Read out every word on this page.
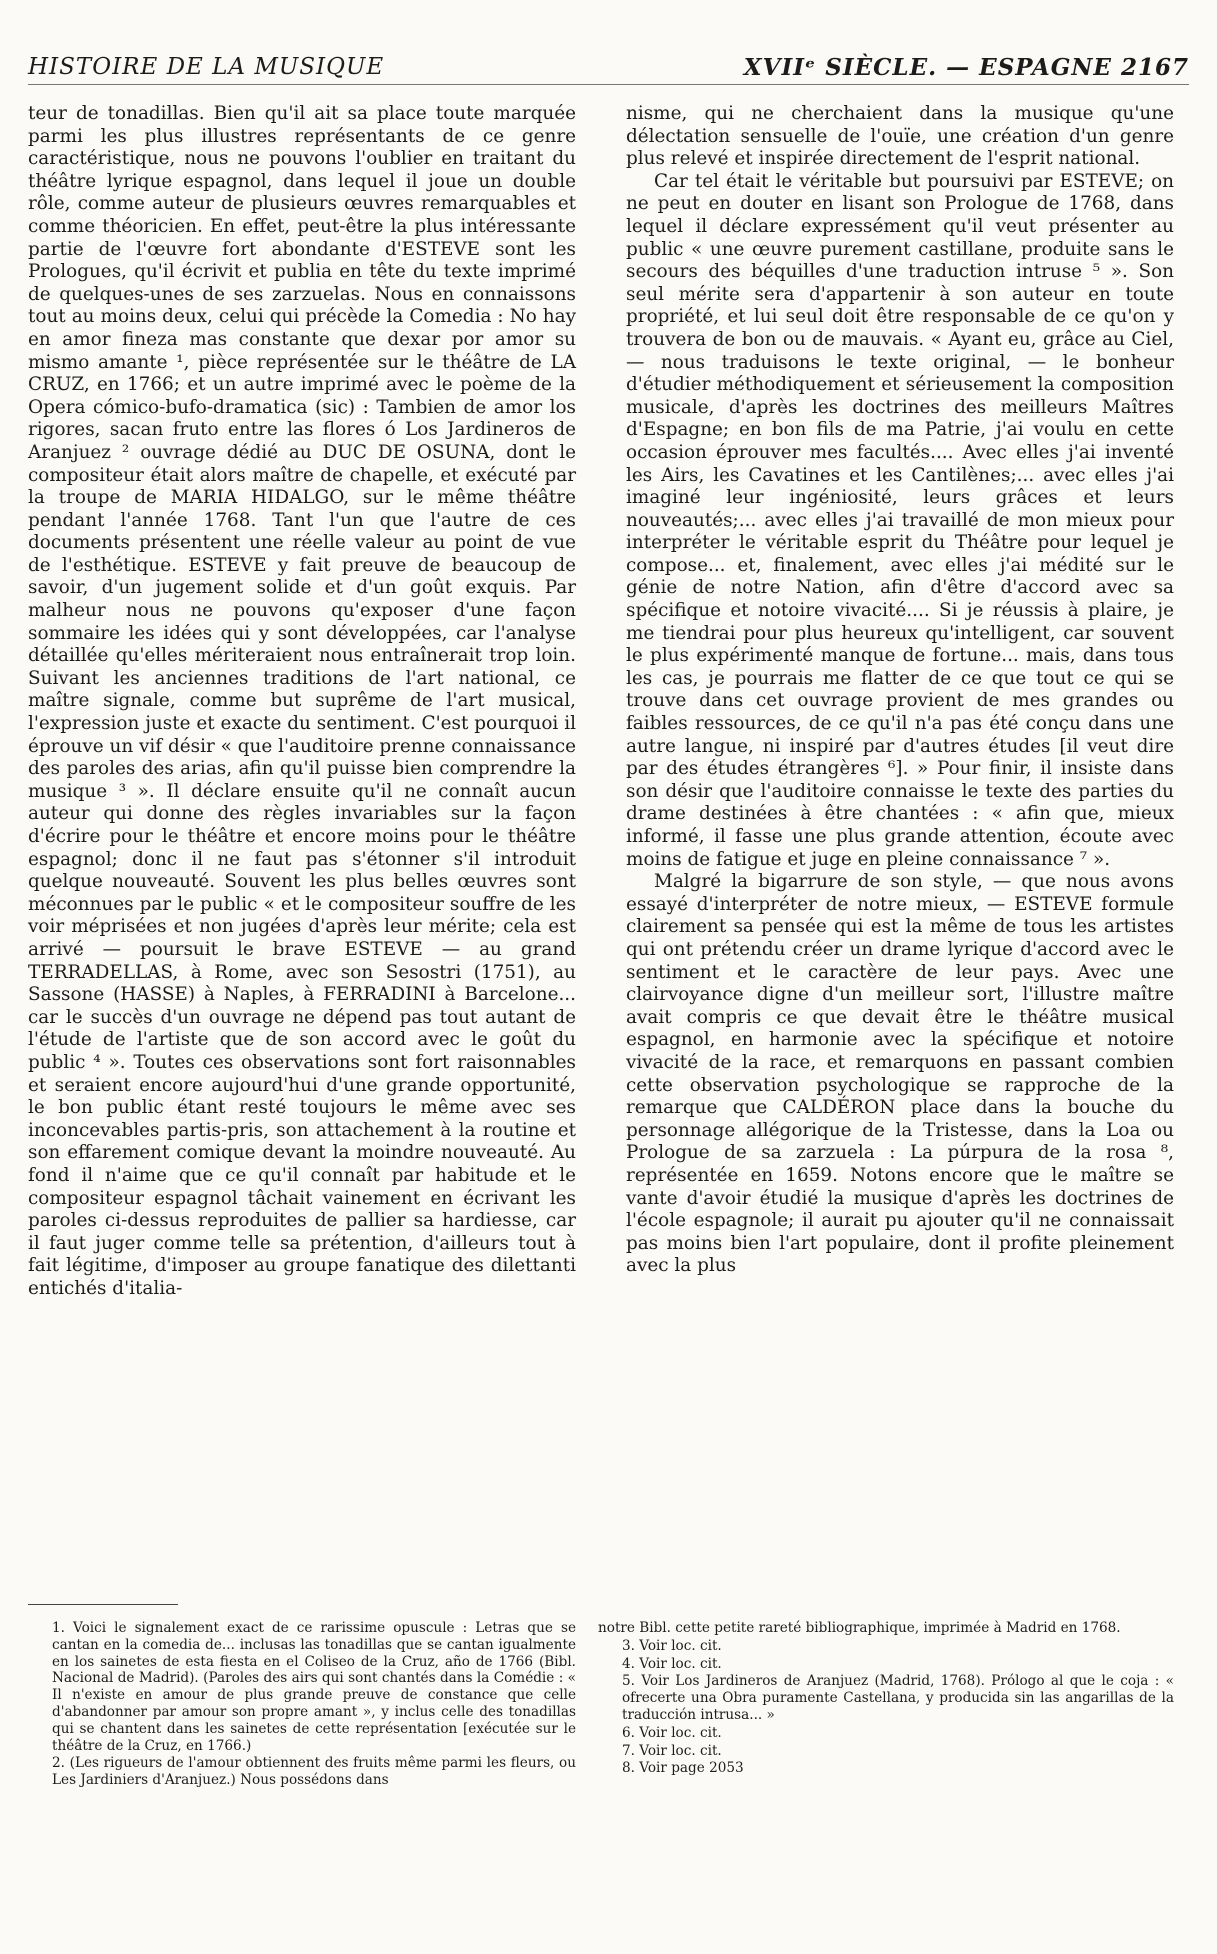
HISTOIRE DE LA MUSIQUE	XVIIᵉ SIÈCLE. — ESPAGNE 2167

teur de tonadillas. Bien qu'il ait sa place toute marquée parmi les plus illustres représentants de ce genre caractéristique, nous ne pouvons l'oublier en traitant du théâtre lyrique espagnol, dans lequel il joue un double rôle, comme auteur de plusieurs œuvres remarquables et comme théoricien. En effet, peut-être la plus intéressante partie de l'œuvre fort abondante d'ESTEVE sont les Prologues, qu'il écrivit et publia en tête du texte imprimé de quelques-unes de ses zarzuelas. Nous en connaissons tout au moins deux, celui qui précède la Comedia : No hay en amor fineza mas constante que dexar por amor su mismo amante ¹, pièce représentée sur le théâtre de LA CRUZ, en 1766; et un autre imprimé avec le poème de la Opera cómico-bufo-dramatica (sic) : Tambien de amor los rigores, sacan fruto entre las flores ó Los Jardineros de Aranjuez ² ouvrage dédié au DUC DE OSUNA, dont le compositeur était alors maître de chapelle, et exécuté par la troupe de MARIA HIDALGO, sur le même théâtre pendant l'année 1768. Tant l'un que l'autre de ces documents présentent une réelle valeur au point de vue de l'esthétique. ESTEVE y fait preuve de beaucoup de savoir, d'un jugement solide et d'un goût exquis. Par malheur nous ne pouvons qu'exposer d'une façon sommaire les idées qui y sont développées, car l'analyse détaillée qu'elles mériteraient nous entraînerait trop loin. Suivant les anciennes traditions de l'art national, ce maître signale, comme but suprême de l'art musical, l'expression juste et exacte du sentiment. C'est pourquoi il éprouve un vif désir « que l'auditoire prenne connaissance des paroles des arias, afin qu'il puisse bien comprendre la musique ³ ». Il déclare ensuite qu'il ne connaît aucun auteur qui donne des règles invariables sur la façon d'écrire pour le théâtre et encore moins pour le théâtre espagnol; donc il ne faut pas s'étonner s'il introduit quelque nouveauté. Souvent les plus belles œuvres sont méconnues par le public « et le compositeur souffre de les voir méprisées et non jugées d'après leur mérite; cela est arrivé — poursuit le brave ESTEVE — au grand TERRADELLAS, à Rome, avec son Sesostri (1751), au Sassone (HASSE) à Naples, à FERRADINI à Barcelone... car le succès d'un ouvrage ne dépend pas tout autant de l'étude de l'artiste que de son accord avec le goût du public ⁴ ». Toutes ces observations sont fort raisonnables et seraient encore aujourd'hui d'une grande opportunité, le bon public étant resté toujours le même avec ses inconcevables partis-pris, son attachement à la routine et son effarement comique devant la moindre nouveauté. Au fond il n'aime que ce qu'il connaît par habitude et le compositeur espagnol tâchait vainement en écrivant les paroles ci-dessus reproduites de pallier sa hardiesse, car il faut juger comme telle sa prétention, d'ailleurs tout à fait légitime, d'imposer au groupe fanatique des dilettanti entichés d'italia-

nisme, qui ne cherchaient dans la musique qu'une délectation sensuelle de l'ouïe, une création d'un genre plus relevé et inspirée directement de l'esprit national.

Car tel était le véritable but poursuivi par ESTEVE; on ne peut en douter en lisant son Prologue de 1768, dans lequel il déclare expressément qu'il veut présenter au public « une œuvre purement castillane, produite sans le secours des béquilles d'une traduction intruse ⁵ ». Son seul mérite sera d'appartenir à son auteur en toute propriété, et lui seul doit être responsable de ce qu'on y trouvera de bon ou de mauvais. « Ayant eu, grâce au Ciel, — nous traduisons le texte original, — le bonheur d'étudier méthodiquement et sérieusement la composition musicale, d'après les doctrines des meilleurs Maîtres d'Espagne; en bon fils de ma Patrie, j'ai voulu en cette occasion éprouver mes facultés.... Avec elles j'ai inventé les Airs, les Cavatines et les Cantilènes;... avec elles j'ai imaginé leur ingéniosité, leurs grâces et leurs nouveautés;... avec elles j'ai travaillé de mon mieux pour interpréter le véritable esprit du Théâtre pour lequel je compose... et, finalement, avec elles j'ai médité sur le génie de notre Nation, afin d'être d'accord avec sa spécifique et notoire vivacité.... Si je réussis à plaire, je me tiendrai pour plus heureux qu'intelligent, car souvent le plus expérimenté manque de fortune... mais, dans tous les cas, je pourrais me flatter de ce que tout ce qui se trouve dans cet ouvrage provient de mes grandes ou faibles ressources, de ce qu'il n'a pas été conçu dans une autre langue, ni inspiré par d'autres études [il veut dire par des études étrangères ⁶]. » Pour finir, il insiste dans son désir que l'auditoire connaisse le texte des parties du drame destinées à être chantées : « afin que, mieux informé, il fasse une plus grande attention, écoute avec moins de fatigue et juge en pleine connaissance ⁷ ».

Malgré la bigarrure de son style, — que nous avons essayé d'interpréter de notre mieux, — ESTEVE formule clairement sa pensée qui est la même de tous les artistes qui ont prétendu créer un drame lyrique d'accord avec le sentiment et le caractère de leur pays. Avec une clairvoyance digne d'un meilleur sort, l'illustre maître avait compris ce que devait être le théâtre musical espagnol, en harmonie avec la spécifique et notoire vivacité de la race, et remarquons en passant combien cette observation psychologique se rapproche de la remarque que CALDÉRON place dans la bouche du personnage allégorique de la Tristesse, dans la Loa ou Prologue de sa zarzuela : La púrpura de la rosa ⁸, représentée en 1659. Notons encore que le maître se vante d'avoir étudié la musique d'après les doctrines de l'école espagnole; il aurait pu ajouter qu'il ne connaissait pas moins bien l'art populaire, dont il profite pleinement avec la plus

1. Voici le signalement exact de ce rarissime opuscule : Letras que se cantan en la comedia de... inclusas las tonadillas que se cantan igualmente en los sainetes de esta fiesta en el Coliseo de la Cruz, año de 1766 (Bibl. Nacional de Madrid). (Paroles des airs qui sont chantés dans la Comédie : « Il n'existe en amour de plus grande preuve de constance que celle d'abandonner par amour son propre amant », y inclus celle des tonadillas qui se chantent dans les sainetes de cette représentation [exécutée sur le théâtre de la Cruz, en 1766.)

2. (Les rigueurs de l'amour obtiennent des fruits même parmi les fleurs, ou Les Jardiniers d'Aranjuez.) Nous possédons dans

notre Bibl. cette petite rareté bibliographique, imprimée à Madrid en 1768.

3. Voir loc. cit.

4. Voir loc. cit.

5. Voir Los Jardineros de Aranjuez (Madrid, 1768). Prólogo al que le coja : « ofrecerte una Obra puramente Castellana, y producida sin las angarillas de la traducción intrusa... »

6. Voir loc. cit.

7. Voir loc. cit.

8. Voir page 2053
